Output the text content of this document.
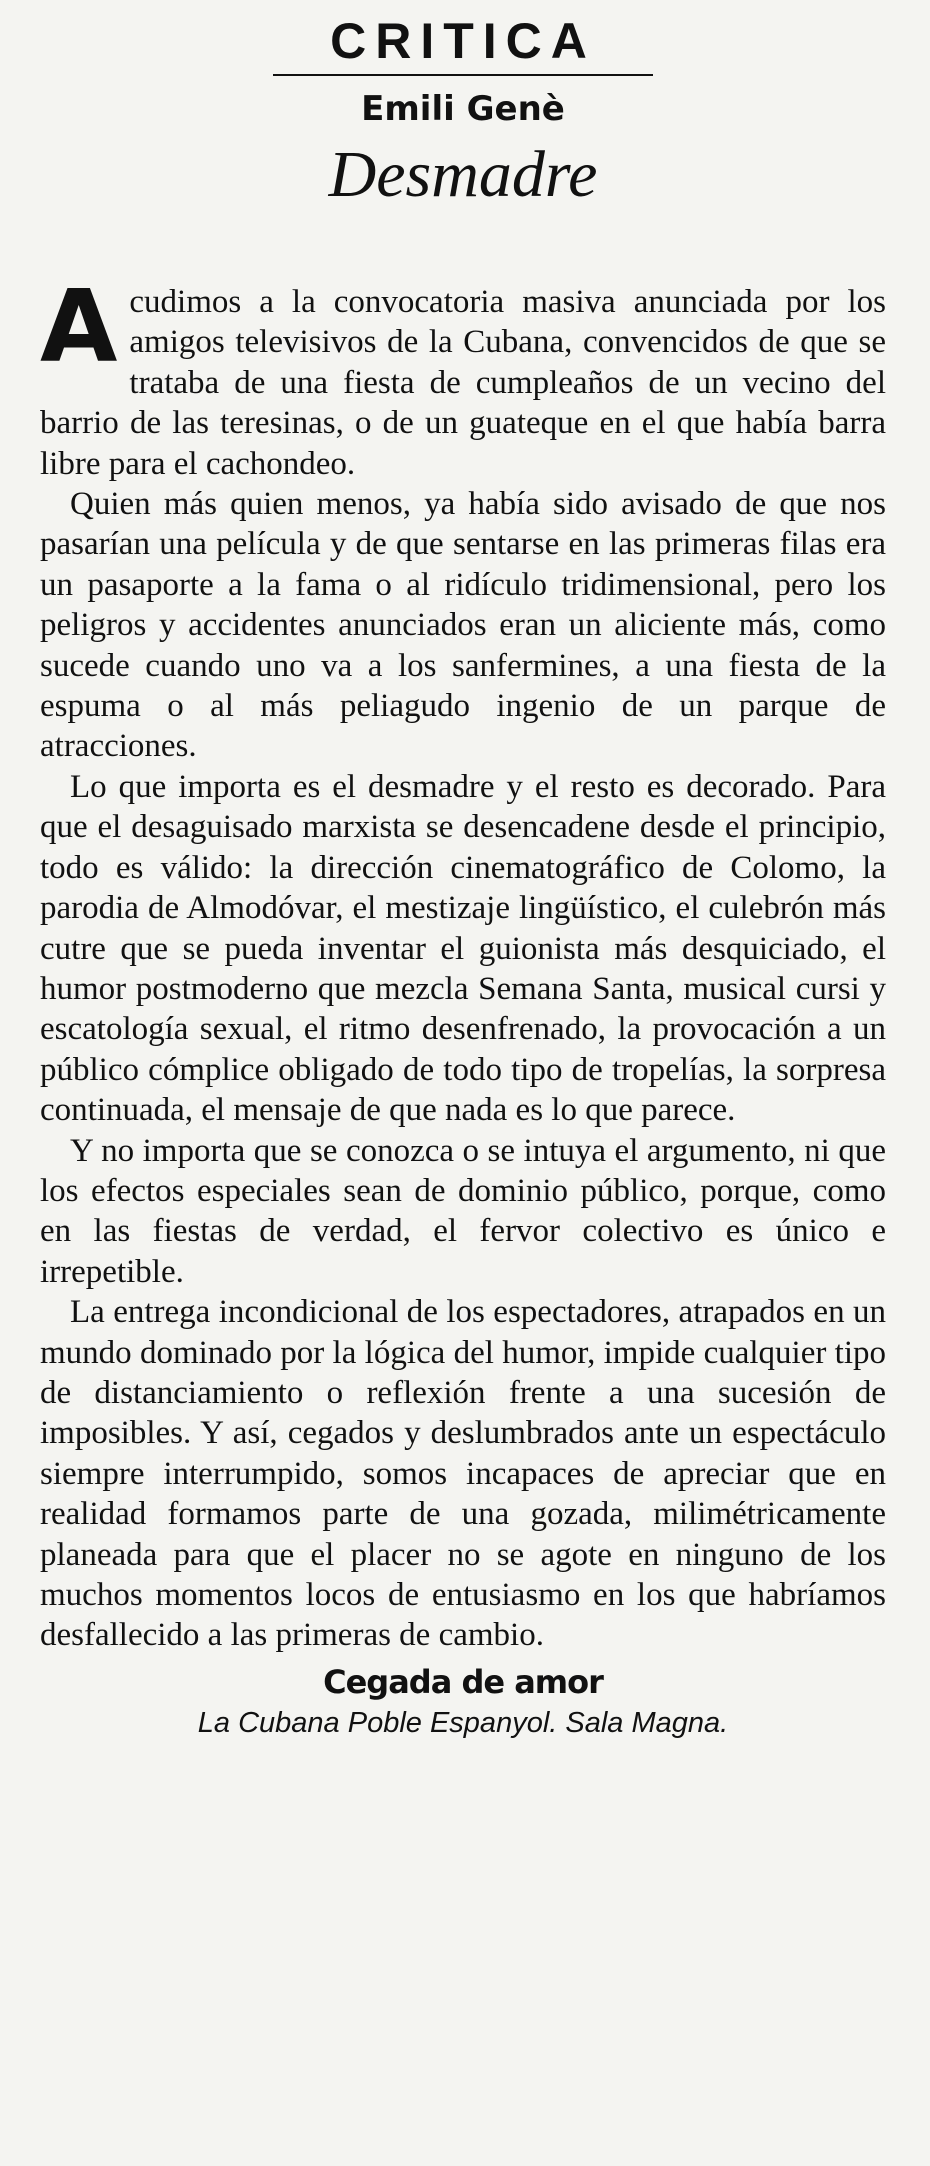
CRITICA
Emili Genè
Desmadre

Acudimos a la convocatoria masiva anunciada por los amigos televisivos de la Cubana, convencidos de que se trataba de una fiesta de cumpleaños de un vecino del barrio de las teresinas, o de un guateque en el que había barra libre para el cachondeo.

Quien más quien menos, ya había sido avisado de que nos pasarían una película y de que sentarse en las primeras filas era un pasaporte a la fama o al ridículo tridimensional, pero los peligros y accidentes anunciados eran un aliciente más, como sucede cuando uno va a los sanfermines, a una fiesta de la espuma o al más peliagudo ingenio de un parque de atracciones.

Lo que importa es el desmadre y el resto es decorado. Para que el desaguisado marxista se desencadene desde el principio, todo es válido: la dirección cinematográfico de Colomo, la parodia de Almodóvar, el mestizaje lingüístico, el culebrón más cutre que se pueda inventar el guionista más desquiciado, el humor postmoderno que mezcla Semana Santa, musical cursi y escatología sexual, el ritmo desenfrenado, la provocación a un público cómplice obligado de todo tipo de tropelías, la sorpresa continuada, el mensaje de que nada es lo que parece.

Y no importa que se conozca o se intuya el argumento, ni que los efectos especiales sean de dominio público, porque, como en las fiestas de verdad, el fervor colectivo es único e irrepetible.

La entrega incondicional de los espectadores, atrapados en un mundo dominado por la lógica del humor, impide cualquier tipo de distanciamiento o reflexión frente a una sucesión de imposibles. Y así, cegados y deslumbrados ante un espectáculo siempre interrumpido, somos incapaces de apreciar que en realidad formamos parte de una gozada, milimétricamente planeada para que el placer no se agote en ninguno de los muchos momentos locos de entusiasmo en los que habríamos desfallecido a las primeras de cambio.

Cegada de amor
La Cubana Poble Espanyol. Sala Magna.
